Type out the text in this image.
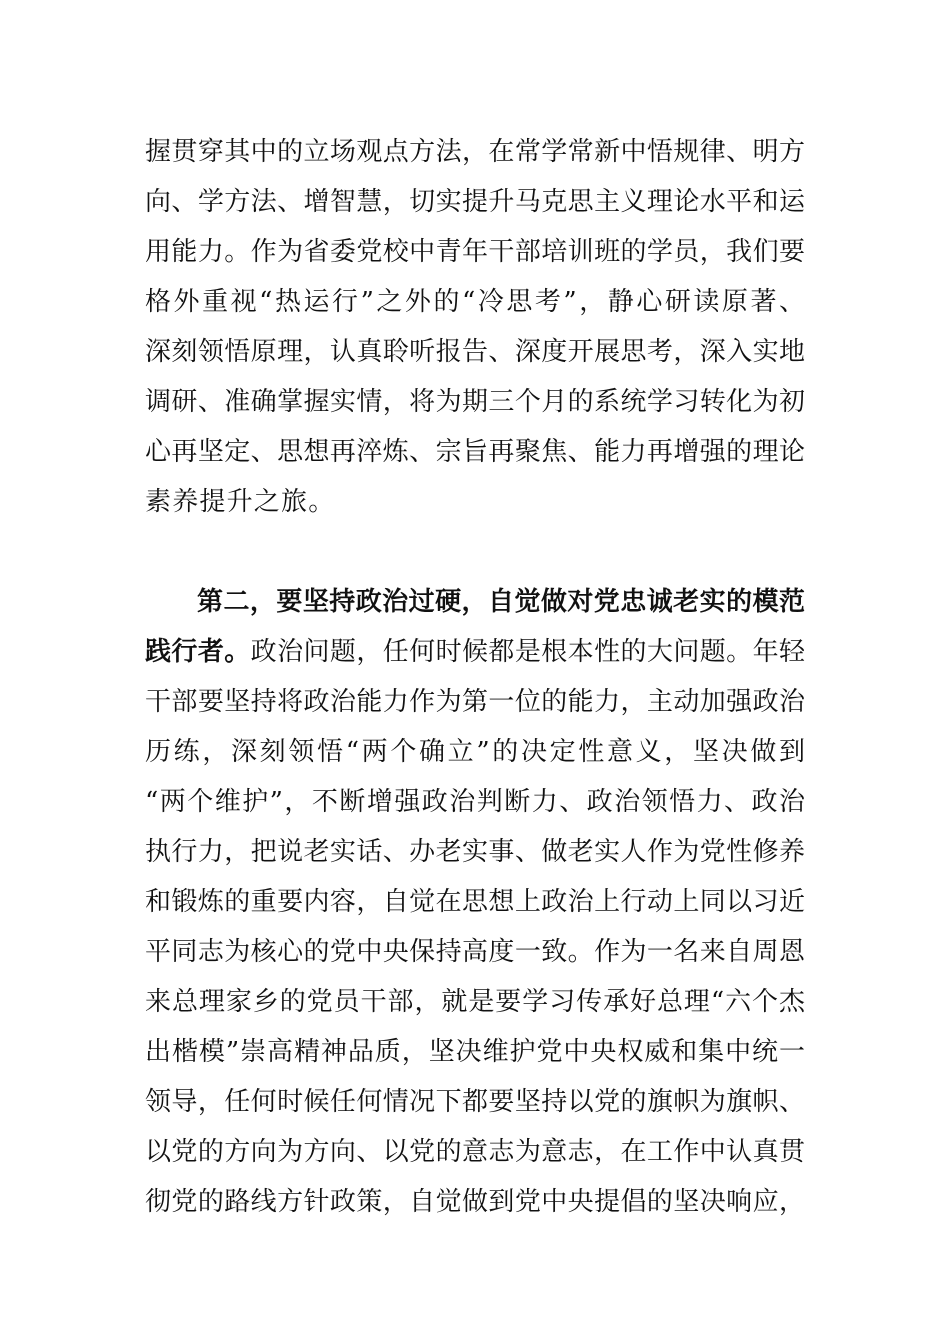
握贯穿其中的立场观点方法，在常学常新中悟规律、明方
向、学方法、增智慧，切实提升马克思主义理论水平和运
用能力。作为省委党校中青年干部培训班的学员，我们要
格外重视“热运行”之外的“冷思考”，静心研读原著、
深刻领悟原理，认真聆听报告、深度开展思考，深入实地
调研、准确掌握实情，将为期三个月的系统学习转化为初
心再坚定、思想再淬炼、宗旨再聚焦、能力再增强的理论
素养提升之旅。
第二，要坚持政治过硬，自觉做对党忠诚老实的模范
践行者。政治问题，任何时候都是根本性的大问题。年轻
干部要坚持将政治能力作为第一位的能力，主动加强政治
历练，深刻领悟“两个确立”的决定性意义，坚决做到
“两个维护”，不断增强政治判断力、政治领悟力、政治
执行力，把说老实话、办老实事、做老实人作为党性修养
和锻炼的重要内容，自觉在思想上政治上行动上同以习近
平同志为核心的党中央保持高度一致。作为一名来自周恩
来总理家乡的党员干部，就是要学习传承好总理“六个杰
出楷模”崇高精神品质，坚决维护党中央权威和集中统一
领导，任何时候任何情况下都要坚持以党的旗帜为旗帜、
以党的方向为方向、以党的意志为意志，在工作中认真贯
彻党的路线方针政策，自觉做到党中央提倡的坚决响应，
